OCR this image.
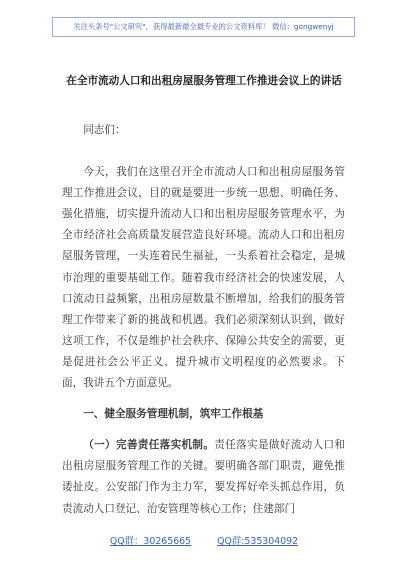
关注头条号"公文研究"，获得最新最全最专业的公文资料库！ 微信：gongwenyj
在全市流动人口和出租房屋服务管理工作推进会议上的讲话

同志们：

今天，我们在这里召开全市流动人口和出租房屋服务管理工作推进会议，目的就是要进一步统一思想、明确任务、强化措施，切实提升流动人口和出租房屋服务管理水平，为全市经济社会高质量发展营造良好环境。流动人口和出租房屋服务管理，一头连着民生福祉，一头系着社会稳定，是城市治理的重要基础工作。随着我市经济社会的快速发展，人口流动日益频繁，出租房屋数量不断增加，给我们的服务管理工作带来了新的挑战和机遇。我们必须深刻认识到，做好这项工作，不仅是维护社会秩序、保障公共安全的需要，更是促进社会公平正义、提升城市文明程度的必然要求。下面，我讲五个方面意见。

一、健全服务管理机制，筑牢工作根基

（一）完善责任落实机制。责任落实是做好流动人口和出租房屋服务管理工作的关键。要明确各部门职责，避免推诿扯皮。公安部门作为主力军，要发挥好牵头抓总作用，负责流动人口登记、治安管理等核心工作；住建部门

QQ群：30265665	QQ群:535304092
